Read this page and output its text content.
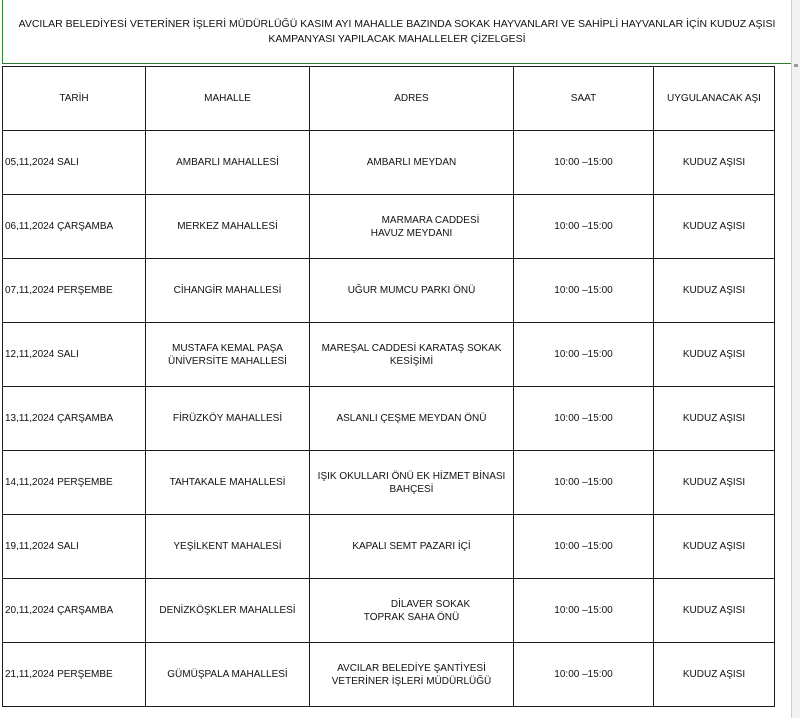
AVCILAR BELEDİYESİ VETERİNER İŞLERİ MÜDÜRLÜĞÜ KASIM AYI MAHALLE BAZINDA SOKAK HAYVANLARI VE SAHİPLİ HAYVANLAR İÇİN KUDUZ AŞISI
KAMPANYASI YAPILACAK MAHALLELER ÇİZELGESİ
TARİH	MAHALLE	ADRES	SAAT	UYGULANACAK AŞI
05,11,2024 SALI	AMBARLI MAHALLESİ	AMBARLI MEYDAN	10:00 –15:00	KUDUZ AŞISI
06,11,2024 ÇARŞAMBA	MERKEZ MAHALLESİ	MARMARA CADDESİ
HAVUZ MEYDANI	10:00 –15:00	KUDUZ AŞISI
07,11,2024 PERŞEMBE	CİHANGİR MAHALLESİ	UĞUR MUMCU PARKI ÖNÜ	10:00 –15:00	KUDUZ AŞISI
12,11,2024 SALI	MUSTAFA KEMAL PAŞA
ÜNİVERSİTE MAHALLESİ	MAREŞAL CADDESİ KARATAŞ SOKAK
KESİŞİMİ	10:00 –15:00	KUDUZ AŞISI
13,11,2024 ÇARŞAMBA	FİRÜZKÖY MAHALLESİ	ASLANLI ÇEŞME MEYDAN ÖNÜ	10:00 –15:00	KUDUZ AŞISI
14,11,2024 PERŞEMBE	TAHTAKALE MAHALLESİ	IŞIK OKULLARI ÖNÜ EK HİZMET BİNASI
BAHÇESİ	10:00 –15:00	KUDUZ AŞISI
19,11,2024 SALI	YEŞİLKENT MAHALESİ	KAPALI SEMT PAZARI İÇİ	10:00 –15:00	KUDUZ AŞISI
20,11,2024 ÇARŞAMBA	DENİZKÖŞKLER MAHALLESİ	DİLAVER SOKAK
TOPRAK SAHA ÖNÜ	10:00 –15:00	KUDUZ AŞISI
21,11,2024 PERŞEMBE	GÜMÜŞPALA MAHALLESİ	AVCILAR BELEDİYE ŞANTİYESİ
VETERİNER İŞLERİ MÜDÜRLÜĞÜ	10:00 –15:00	KUDUZ AŞISI
